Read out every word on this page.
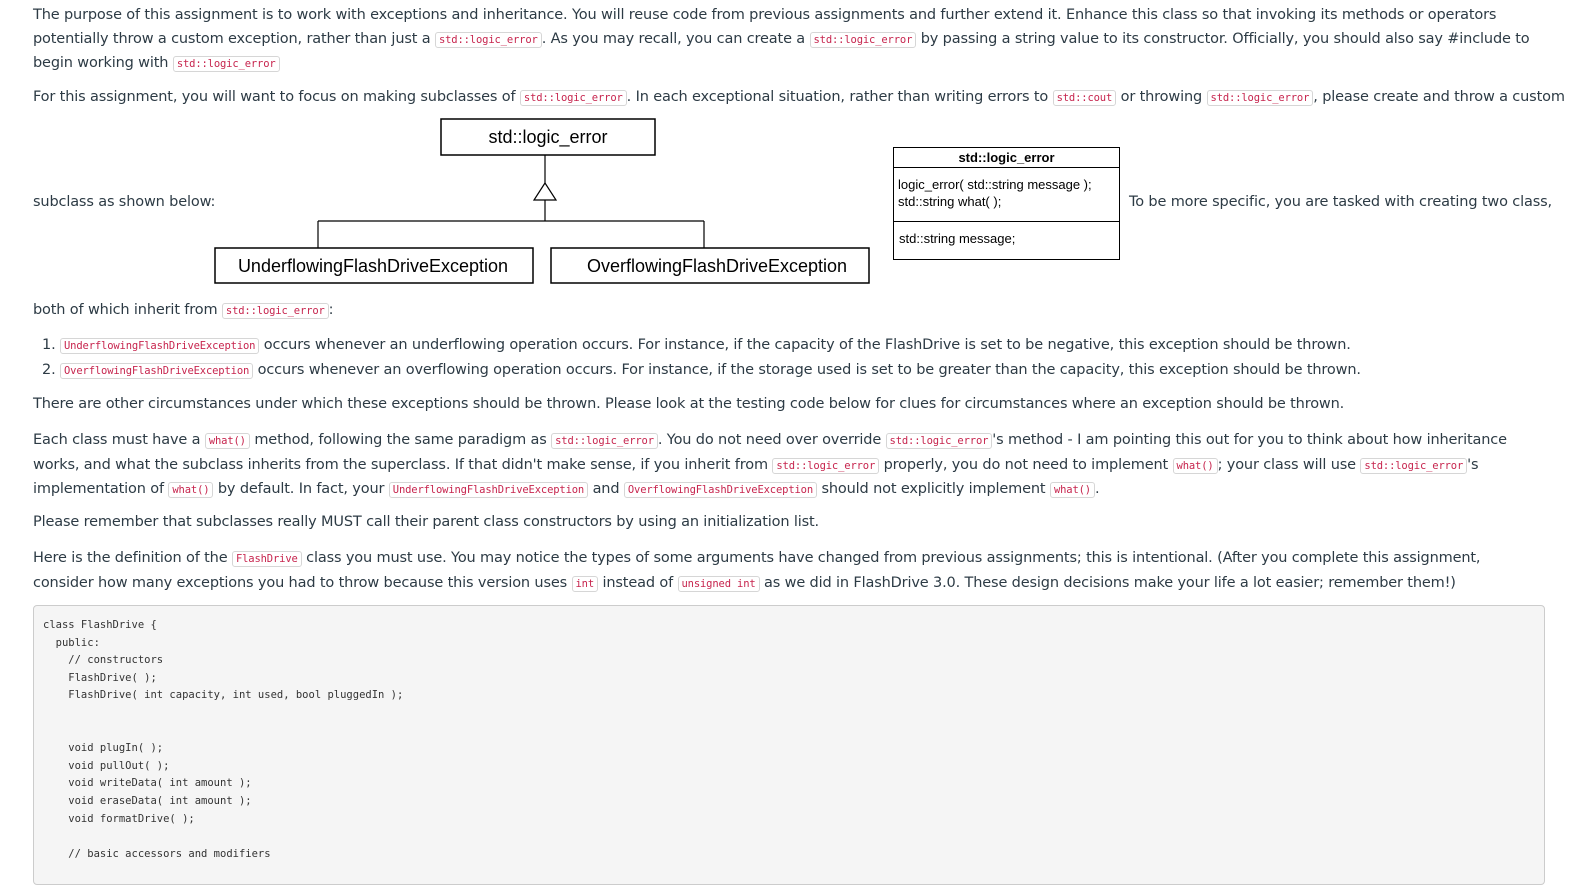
The purpose of this assignment is to work with exceptions and inheritance. You will reuse code from previous assignments and further extend it. Enhance this class so that invoking its methods or operators potentially throw a custom exception, rather than just a std::logic_error . As you may recall, you can create a std::logic_error by passing a string value to its constructor. Officially, you should also say #include to begin working with std::logic_error
For this assignment, you will want to focus on making subclasses of std::logic_error . In each exceptional situation, rather than writing errors to std::cout or throwing std::logic_error , please create and throw a custom
subclass as shown below:
std::logic_error
UnderflowingFlashDriveException	OverflowingFlashDriveException
std::logic_error
logic_error( std::string message );
std::string what( );
std::string message;
To be more specific, you are tasked with creating two class,
both of which inherit from std::logic_error :
1. UnderflowingFlashDriveException occurs whenever an underflowing operation occurs. For instance, if the capacity of the FlashDrive is set to be negative, this exception should be thrown.
2. OverflowingFlashDriveException occurs whenever an overflowing operation occurs. For instance, if the storage used is set to be greater than the capacity, this exception should be thrown.
There are other circumstances under which these exceptions should be thrown. Please look at the testing code below for clues for circumstances where an exception should be thrown.
Each class must have a what() method, following the same paradigm as std::logic_error . You do not need over override std::logic_error 's method - I am pointing this out for you to think about how inheritance works, and what the subclass inherits from the superclass. If that didn't make sense, if you inherit from std::logic_error properly, you do not need to implement what() ; your class will use std::logic_error 's implementation of what() by default. In fact, your UnderflowingFlashDriveException and OverflowingFlashDriveException should not explicitly implement what() .
Please remember that subclasses really MUST call their parent class constructors by using an initialization list.
Here is the definition of the FlashDrive class you must use. You may notice the types of some arguments have changed from previous assignments; this is intentional. (After you complete this assignment, consider how many exceptions you had to throw because this version uses int instead of unsigned int as we did in FlashDrive 3.0. These design decisions make your life a lot easier; remember them!)
class FlashDrive {
public:
// constructors
FlashDrive( );
FlashDrive( int capacity, int used, bool pluggedIn );

void plugIn( );
void pullOut( );
void writeData( int amount );
void eraseData( int amount );
void formatDrive( );

// basic accessors and modifiers
